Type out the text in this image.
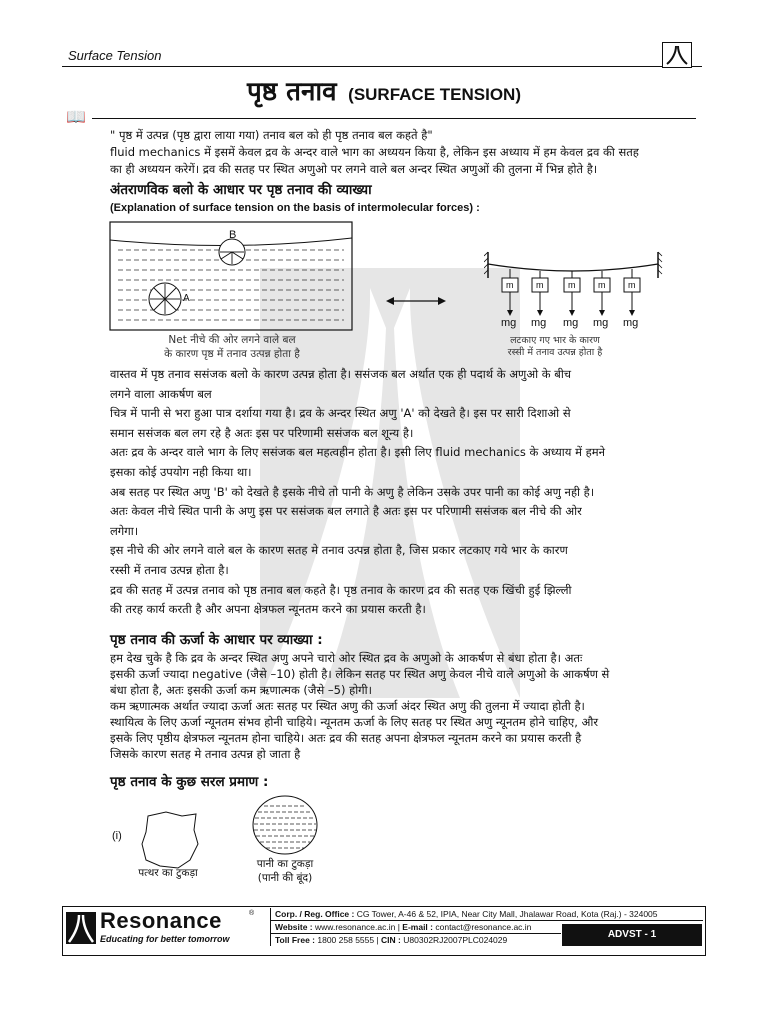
Surface Tension
पृष्ठ तनाव (SURFACE TENSION)
📖
" पृष्ठ में उत्पन्न (पृष्ठ द्वारा लाया गया) तनाव बल को ही पृष्ठ तनाव बल कहते है"
fluid mechanics में इसमें केवल द्रव के अन्दर वाले भाग का अध्ययन किया है, लेकिन इस अध्याय में हम केवल द्रव की सतह
का ही अध्ययन करेगें। द्रव की सतह पर स्थित अणुओ पर लगने वाले बल अन्दर स्थित अणुओं की तुलना में भिन्न होते है।
अंतराणविक बलो के आधार पर पृष्ठ तनाव की व्याख्या
(Explanation of surface tension on the basis of intermolecular forces) :
B
A
Net नीचे की ओर लगने वाले बल
के कारण पृष्ठ में तनाव उत्पन्न होता है
m	m	m	m	m
mg mg mg mg mg
लटकाए गए भार के कारण
रस्सी में तनाव उत्पन्न होता है
वास्तव में पृष्ठ तनाव ससंजक बलो के कारण उत्पन्न होता है। ससंजक बल अर्थात एक ही पदार्थ के अणुओ के बीच
लगने वाला आकर्षण बल
चित्र में पानी से भरा हुआ पात्र दर्शाया गया है। द्रव के अन्दर स्थित अणु 'A' को देखते है। इस पर सारी दिशाओ से
समान ससंजक बल लग रहे है अतः इस पर परिणामी ससंजक बल शून्य है।
अतः द्रव के अन्दर वाले भाग के लिए ससंजक बल महत्वहीन होता है। इसी लिए fluid mechanics के अध्याय में हमने
इसका कोई उपयोग नही किया था।
अब सतह पर स्थित अणु 'B' को देखते है इसके नीचे तो पानी के अणु है लेकिन उसके उपर पानी का कोई अणु नही है।
अतः केवल नीचे स्थित पानी के अणु इस पर ससंजक बल लगाते है अतः इस पर परिणामी ससंजक बल नीचे की ओर
लगेगा।
इस नीचे की ओर लगने वाले बल के कारण सतह मे तनाव उत्पन्न होता है, जिस प्रकार लटकाए गये भार के कारण
रस्सी में तनाव उत्पन्न होता है।
द्रव की सतह में उत्पन्न तनाव को पृष्ठ तनाव बल कहते है। पृष्ठ तनाव के कारण द्रव की सतह एक खिंची हुई झिल्ली
की तरह कार्य करती है और अपना क्षेत्रफल न्यूनतम करने का प्रयास करती है।
पृष्ठ तनाव की ऊर्जा के आधार पर व्याख्या :
हम देख चुके है कि द्रव के अन्दर स्थित अणु अपने चारो ओर स्थित द्रव के अणुओ के आकर्षण से बंधा होता है। अतः
इसकी ऊर्जा ज्यादा negative (जैसे –10) होती है। लेकिन सतह पर स्थित अणु केवल नीचे वाले अणुओ के आकर्षण से
बंधा होता है, अतः इसकी ऊर्जा कम ऋणात्मक (जैसे –5) होगी।
कम ऋणात्मक अर्थात ज्यादा ऊर्जा अतः सतह पर स्थित अणु की ऊर्जा अंदर स्थित अणु की तुलना में ज्यादा होती है।
स्थायित्व के लिए ऊर्जा न्यूनतम संभव होनी चाहिये। न्यूनतम ऊर्जा के लिए सतह पर स्थित अणु न्यूनतम होने चाहिए, और
इसके लिए पृष्ठीय क्षेत्रफल न्यूनतम होना चाहिये। अतः द्रव की सतह अपना क्षेत्रफल न्यूनतम करने का प्रयास करती है
जिसके कारण सतह मे तनाव उत्पन्न हो जाता है
पृष्ठ तनाव के कुछ सरल प्रमाण :
(i)
पत्थर का टुकड़ा
पानी का टुकड़ा
(पानी की बूंद)
Resonance	®
Educating for better tomorrow
Corp. / Reg. Office : CG Tower, A-46 & 52, IPIA, Near City Mall, Jhalawar Road, Kota (Raj.) - 324005
Website : www.resonance.ac.in | E-mail : contact@resonance.ac.in
Toll Free : 1800 258 5555 | CIN : U80302RJ2007PLC024029	ADVST - 1
